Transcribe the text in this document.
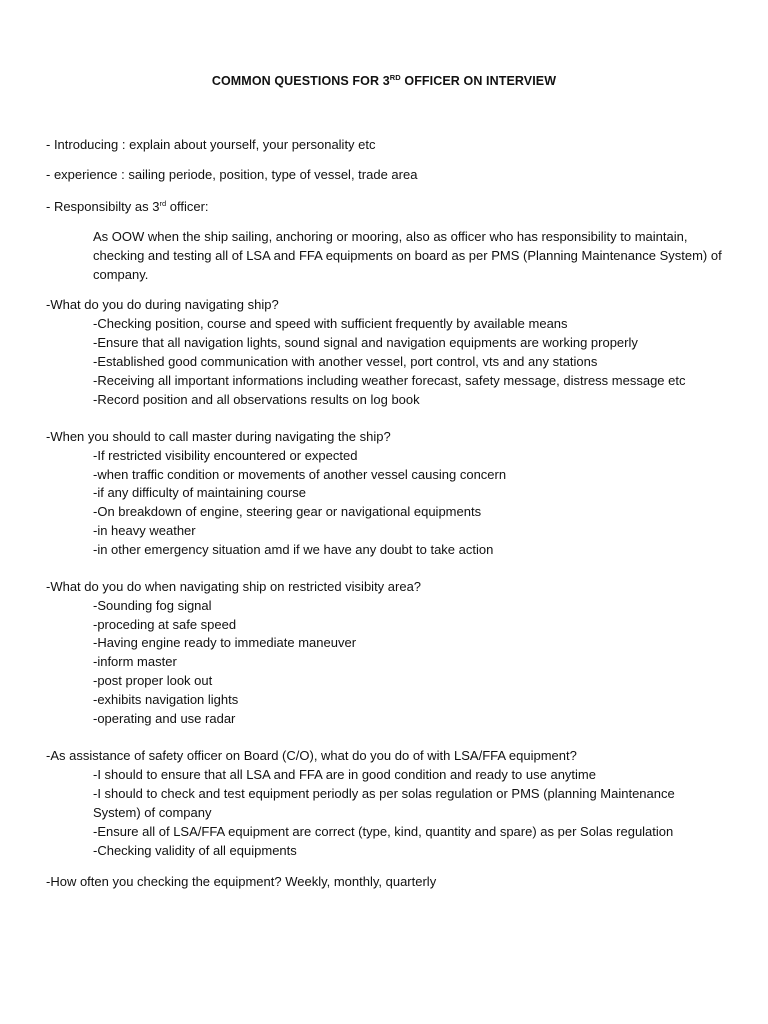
COMMON QUESTIONS FOR 3RD OFFICER ON INTERVIEW
- Introducing : explain about yourself, your personality etc
- experience : sailing periode, position, type of vessel, trade area
- Responsibilty as 3rd officer:
As OOW when the ship sailing, anchoring or mooring, also as officer who has responsibility to maintain, checking and testing all of LSA and FFA equipments on board as per PMS (Planning Maintenance System) of company.
-What do you do during navigating ship?
-Checking position, course and speed with sufficient frequently by available means
-Ensure that all navigation lights, sound signal and navigation equipments are working properly
-Established good communication with another vessel, port control, vts and any stations
-Receiving all important informations including weather forecast, safety message, distress message etc
-Record position and all observations results on log book
-When you should to call master during navigating the ship?
-If restricted visibility encountered or expected
-when traffic condition or movements of another vessel causing concern
-if any difficulty of maintaining course
-On breakdown of engine, steering gear or navigational equipments
-in heavy weather
-in other emergency situation amd if we have any doubt to take action
-What do you do when navigating ship on restricted visibity area?
-Sounding fog signal
-proceding at safe speed
-Having engine ready to immediate maneuver
-inform master
-post proper look out
-exhibits navigation lights
-operating and use radar
-As assistance of safety officer on Board (C/O), what do you do of with LSA/FFA equipment?
-I should to ensure that all LSA and FFA are in good condition and ready to use anytime
-I should to check and test equipment periodly as per solas regulation or PMS (planning Maintenance
System) of company
-Ensure all of LSA/FFA equipment are correct (type, kind, quantity and spare) as per Solas regulation
-Checking validity of all equipments
-How often you checking the equipment? Weekly, monthly, quarterly
